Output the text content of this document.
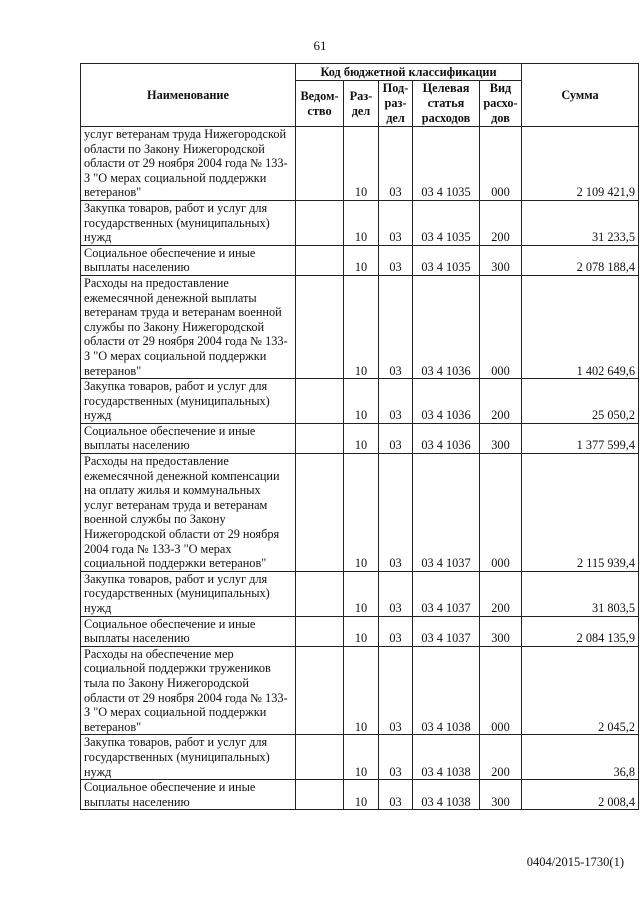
61
Наименование	Код бюджетной классификации					Сумма
	Ведом-ство	Раз-дел	Под-раз-дел	Целевая статья расходов	Вид расхо-дов	
услуг ветеранам труда Нижегородской области по Закону Нижегородской области от 29 ноября 2004 года № 133-З "О мерах социальной поддержки ветеранов"		10	03	03 4 1035	000	2 109 421,9
Закупка товаров, работ и услуг для государственных (муниципальных) нужд		10	03	03 4 1035	200	31 233,5
Социальное обеспечение и иные выплаты населению		10	03	03 4 1035	300	2 078 188,4
Расходы на предоставление ежемесячной денежной выплаты ветеранам труда и ветеранам военной службы по Закону Нижегородской области от 29 ноября 2004 года № 133-З "О мерах социальной поддержки ветеранов"		10	03	03 4 1036	000	1 402 649,6
Закупка товаров, работ и услуг для государственных (муниципальных) нужд		10	03	03 4 1036	200	25 050,2
Социальное обеспечение и иные выплаты населению		10	03	03 4 1036	300	1 377 599,4
Расходы на предоставление ежемесячной денежной компенсации на оплату жилья и коммунальных услуг ветеранам труда и ветеранам военной службы по Закону Нижегородской области от 29 ноября 2004 года № 133-З "О мерах социальной поддержки ветеранов"		10	03	03 4 1037	000	2 115 939,4
Закупка товаров, работ и услуг для государственных (муниципальных) нужд		10	03	03 4 1037	200	31 803,5
Социальное обеспечение и иные выплаты населению		10	03	03 4 1037	300	2 084 135,9
Расходы на обеспечение мер социальной поддержки тружеников тыла по Закону Нижегородской области от 29 ноября 2004 года № 133-З "О мерах социальной поддержки ветеранов"		10	03	03 4 1038	000	2 045,2
Закупка товаров, работ и услуг для государственных (муниципальных) нужд		10	03	03 4 1038	200	36,8
Социальное обеспечение и иные выплаты населению		10	03	03 4 1038	300	2 008,4
0404/2015-1730(1)
